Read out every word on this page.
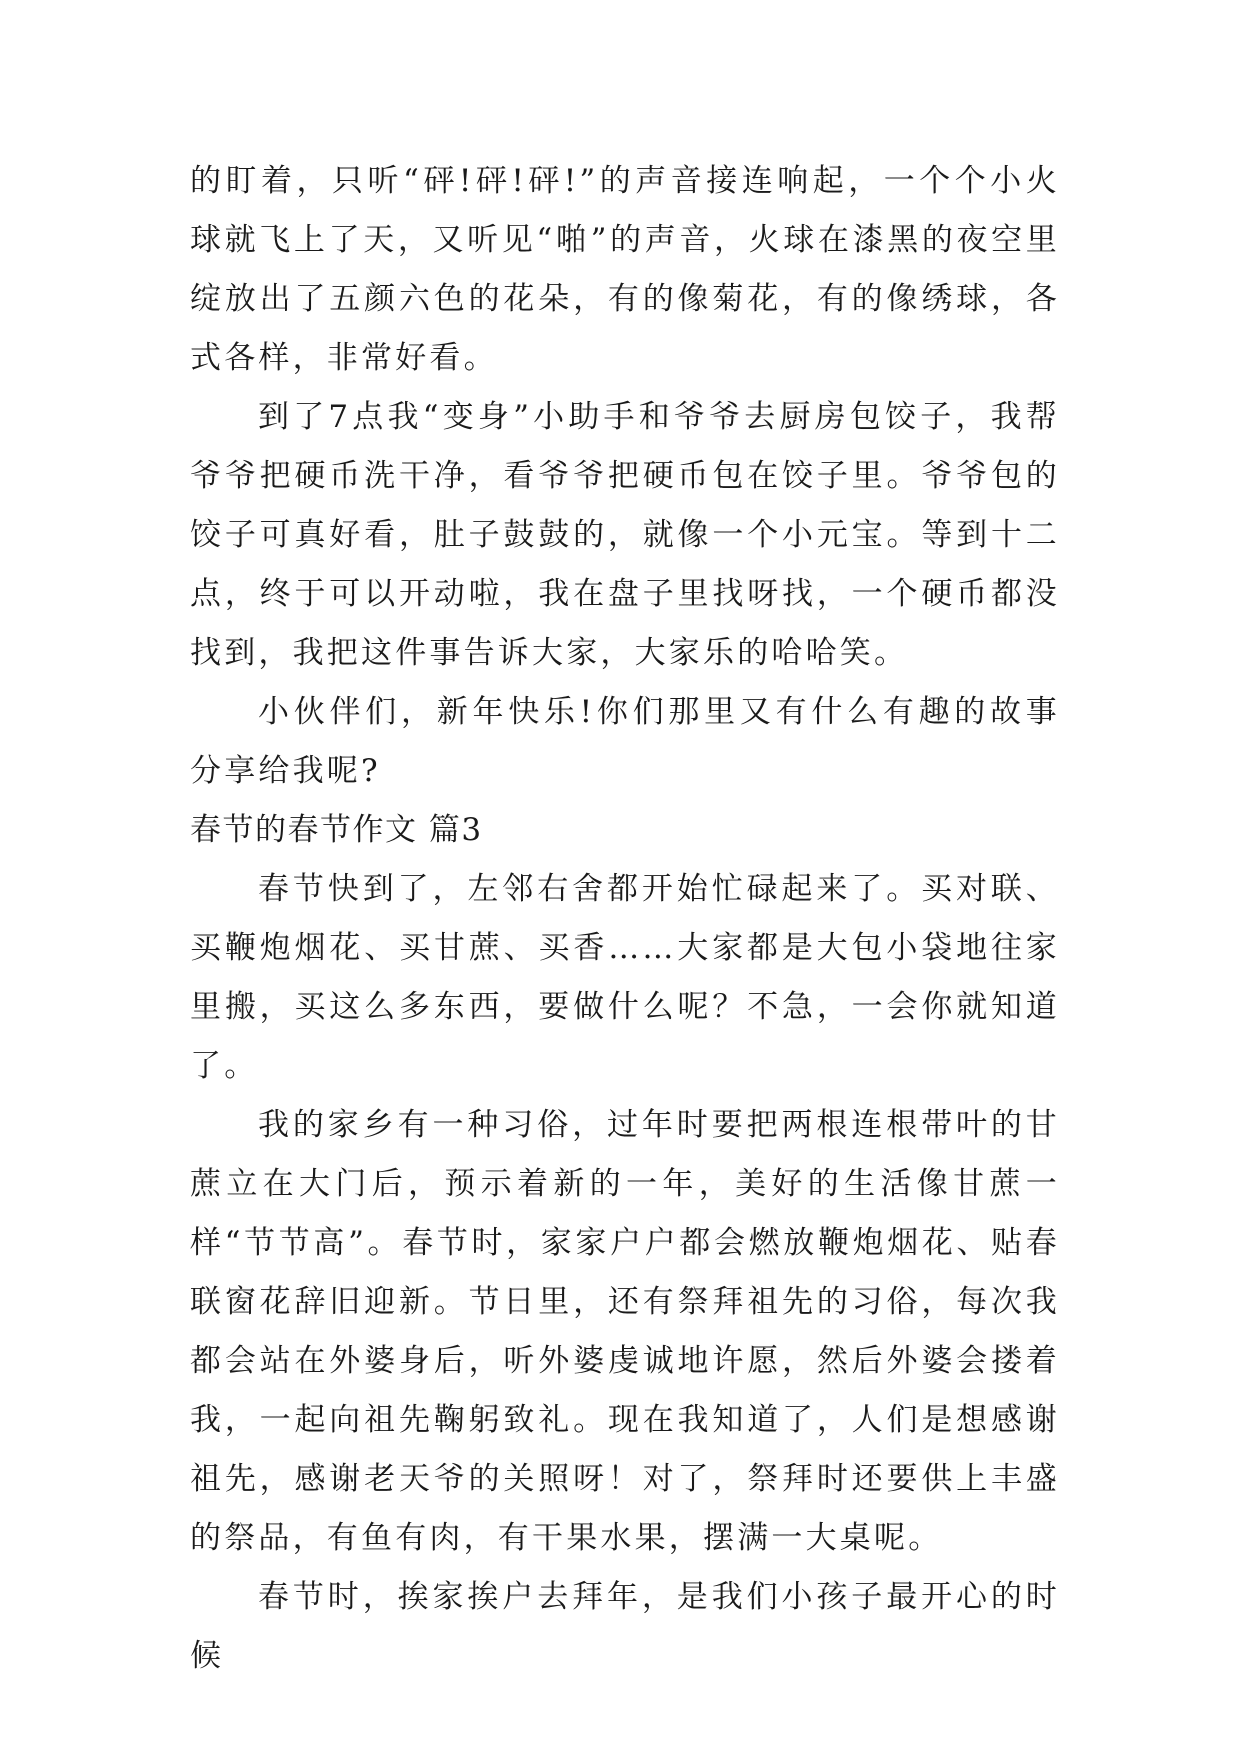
的盯着，只听“砰!砰!砰!”的声音接连响起，一个个小火球就飞上了天，又听见“啪”的声音，火球在漆黑的夜空里绽放出了五颜六色的花朵，有的像菊花，有的像绣球，各式各样，非常好看。

到了7点我“变身”小助手和爷爷去厨房包饺子，我帮爷爷把硬币洗干净，看爷爷把硬币包在饺子里。爷爷包的饺子可真好看，肚子鼓鼓的，就像一个小元宝。等到十二点，终于可以开动啦，我在盘子里找呀找，一个硬币都没找到，我把这件事告诉大家，大家乐的哈哈笑。

小伙伴们，新年快乐!你们那里又有什么有趣的故事分享给我呢?

春节的春节作文 篇3

春节快到了，左邻右舍都开始忙碌起来了。买对联、买鞭炮烟花、买甘蔗、买香……大家都是大包小袋地往家里搬，买这么多东西，要做什么呢？不急，一会你就知道了。

我的家乡有一种习俗，过年时要把两根连根带叶的甘蔗立在大门后，预示着新的一年，美好的生活像甘蔗一样“节节高”。春节时，家家户户都会燃放鞭炮烟花、贴春联窗花辞旧迎新。节日里，还有祭拜祖先的习俗，每次我都会站在外婆身后，听外婆虔诚地许愿，然后外婆会搂着我，一起向祖先鞠躬致礼。现在我知道了，人们是想感谢祖先，感谢老天爷的关照呀！对了，祭拜时还要供上丰盛的祭品，有鱼有肉，有干果水果，摆满一大桌呢。

春节时，挨家挨户去拜年，是我们小孩子最开心的时候
